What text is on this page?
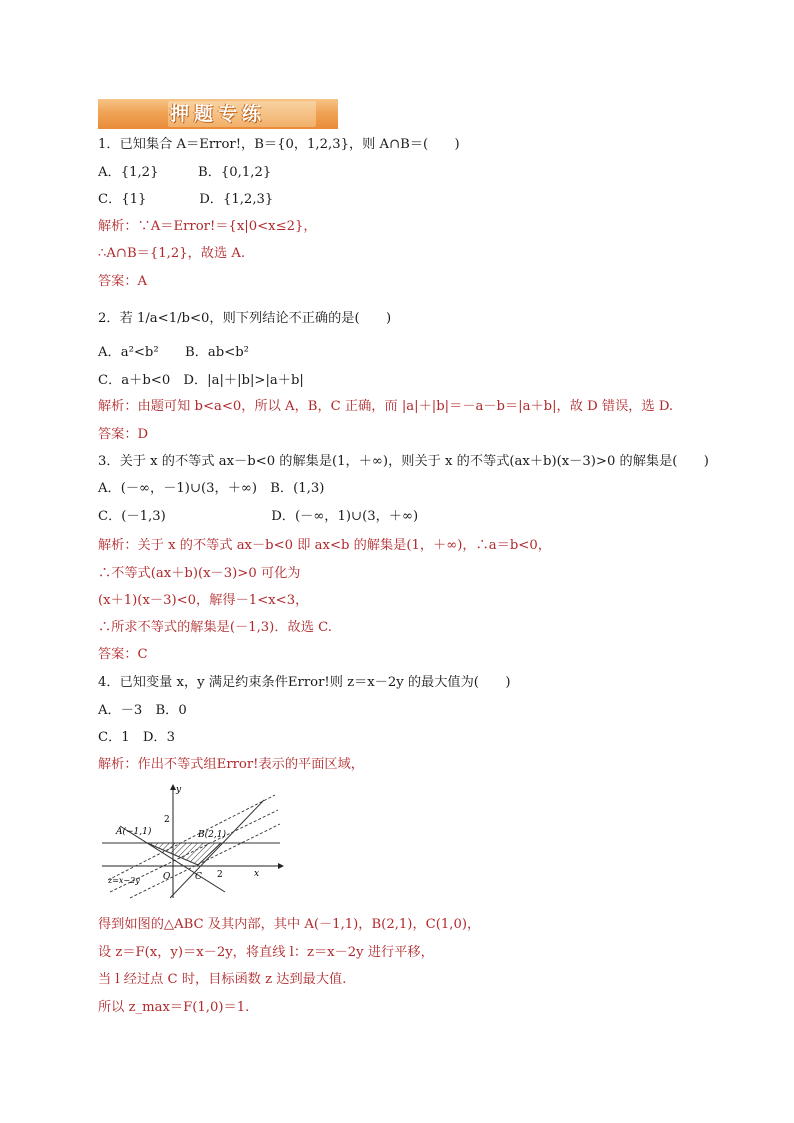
押题专练
1．已知集合 A＝Error!，B＝{0，1,2,3}，则 A∩B＝(　　)
A．{1,2}　　　B．{0,1,2}
C．{1}　　　　D．{1,2,3}
解析：∵A＝Error!＝{x|0<x≤2}，
∴A∩B＝{1,2}，故选 A.
答案：A
2．若 1/a<1/b<0，则下列结论不正确的是(　　)
A．a²<b²　　B．ab<b²
C．a＋b<0　D．|a|＋|b|>|a＋b|
解析：由题可知 b<a<0，所以 A，B，C 正确，而 |a|＋|b|＝－a－b＝|a＋b|，故 D 错误，选 D.
答案：D
3．关于 x 的不等式 ax－b<0 的解集是(1，＋∞)，则关于 x 的不等式(ax＋b)(x－3)>0 的解集是(　　)
A．(－∞，－1)∪(3，＋∞)　B．(1,3)
C．(－1,3)　　　　　　　　D．(－∞，1)∪(3，＋∞)
解析：关于 x 的不等式 ax－b<0 即 ax<b 的解集是(1，＋∞)，∴a＝b<0，
∴不等式(ax＋b)(x－3)>0 可化为
(x＋1)(x－3)<0，解得－1<x<3，
∴所求不等式的解集是(－1,3)．故选 C.
答案：C
4．已知变量 x，y 满足约束条件Error!则 z＝x－2y 的最大值为(　　)
A．－3　B．0
C．1　D．3
解析：作出不等式组Error!表示的平面区域，
得到如图的△ABC 及其内部，其中 A(－1,1)，B(2,1)，C(1,0)，
设 z＝F(x，y)＝x－2y，将直线 l：z＝x－2y 进行平移，
当 l 经过点 C 时，目标函数 z 达到最大值.
所以 z_max＝F(1,0)＝1.
y
x
2
2
O
A(−1,1)	B(2,1)
C
z=x−2y
